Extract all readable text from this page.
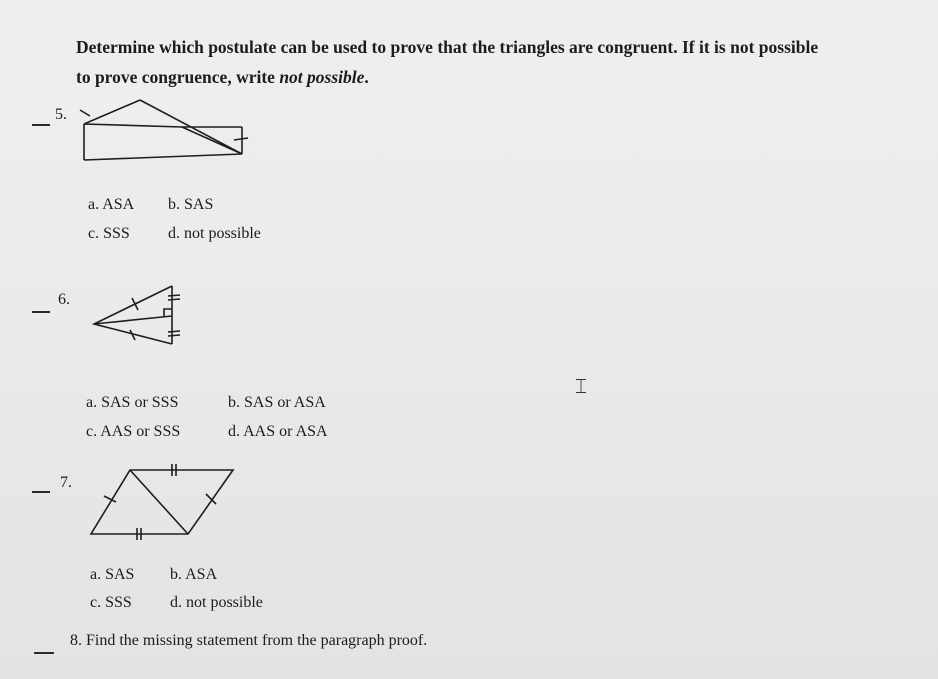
Determine which postulate can be used to prove that the triangles are congruent. If it is not possible
to prove congruence, write not possible.
5.
a. ASA b. SAS
c. SSS d. not possible
6.
a. SAS or SSS	b. SAS or ASA
c. AAS or SSS	d. AAS or ASA
⌶
7.
a. SAS b. ASA
c. SSS d. not possible
8. Find the missing statement from the paragraph proof.
